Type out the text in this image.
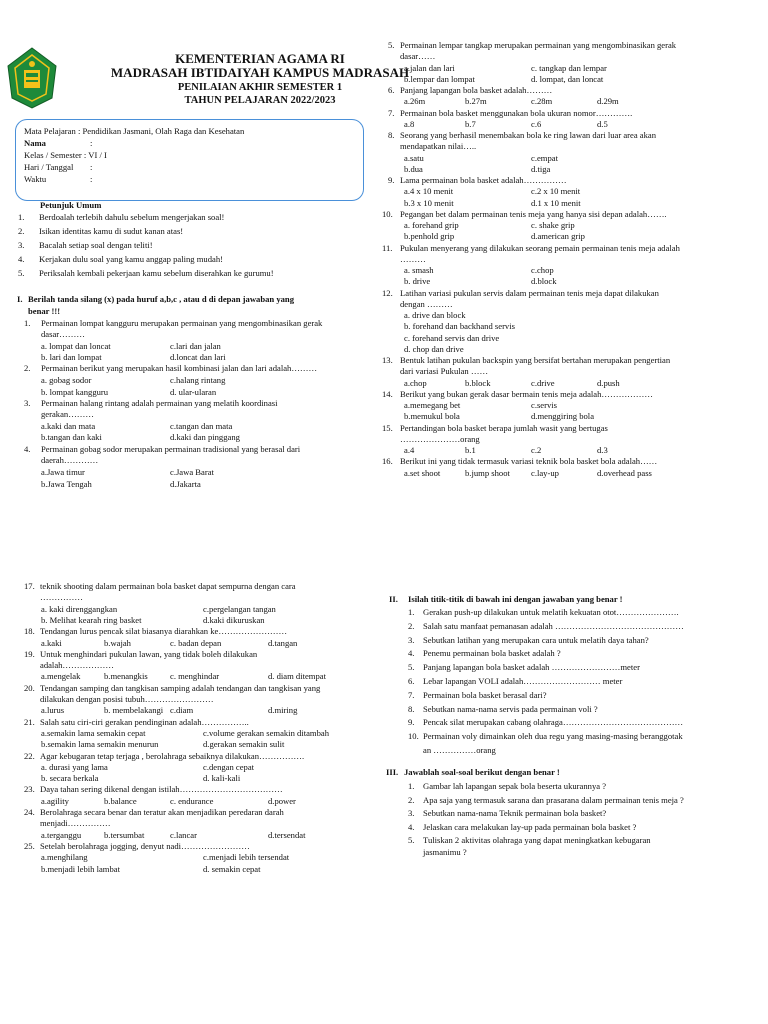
KEMENTERIAN AGAMA RI
MADRASAH IBTIDAIYAH KAMPUS MADRASAH
PENILAIAN AKHIR SEMESTER 1
TAHUN PELAJARAN 2022/2023
Mata Pelajaran : Pendidikan Jasmani, Olah Raga dan Kesehatan
Nama	:
Kelas / Semester : VI / I
Hari / Tanggal :
Waktu	:
Petunjuk Umum
1. Berdoalah terlebih dahulu sebelum mengerjakan soal!
2. Isikan identitas kamu di sudut kanan atas!
3. Bacalah setiap soal dengan teliti!
4. Kerjakan dulu soal yang kamu anggap paling mudah!
5. Periksalah kembali pekerjaan kamu sebelum diserahkan ke gurumu!
I. Berilah tanda silang (x) pada huruf a,b,c , atau d di depan jawaban yang
benar !!!
1. Permainan lompat kangguru merupakan permainan yang mengombinasikan gerak
dasar………
a. lompat dan loncat	c.lari dan jalan
b. lari dan lompat	d.loncat dan lari
2. Permainan berikut yang merupakan hasil kombinasi jalan dan lari adalah………
a. gobag sodor	c.halang rintang
b. lompat kangguru	d. ular-ularan
3. Permainan halang rintang adalah permainan yang melatih koordinasi
gerakan………
a.kaki dan mata	c.tangan dan mata
b.tangan dan kaki	d.kaki dan pinggang
4. Permainan gobag sodor merupakan permainan tradisional yang berasal dari
daerah…………
a.Jawa timur	c.Jawa Barat
b.Jawa Tengah	d.Jakarta
5. Permainan lempar tangkap merupakan permainan yang mengombinasikan gerak
dasar……
a.jalan dan lari	c. tangkap dan lempar
b.lempar dan lompat	d. lompat, dan loncat
6. Panjang lapangan bola basket adalah………
a.26m	b.27m	c.28m	d.29m
7. Permainan bola basket menggunakan bola ukuran nomor………….
a.8	b.7	c.6	d.5
8. Seorang yang berhasil menembakan bola ke ring lawan dari luar area akan
mendapatkan nilai…..
a.satu	c.empat
b.dua	d.tiga
9. Lama permainan bola basket adalah……………
a.4 x 10 menit	c.2 x 10 menit
b.3 x 10 menit	d.1 x 10 menit
10. Pegangan bet dalam permainan tenis meja yang hanya sisi depan adalah…….
a. forehand grip	c. shake grip
b.penhold grip	d.american grip
11. Pukulan menyerang yang dilakukan seorang pemain permainan tenis meja adalah
………
a. smash	c.chop
b. drive	d.block
12. Latihan variasi pukulan servis dalam permainan tenis meja dapat dilakukan
dengan ………
a. drive dan block
b. forehand dan backhand servis
c. forehand servis dan drive
d. chop dan drive
13. Bentuk latihan pukulan backspin yang bersifat bertahan merupakan pengertian
dari variasi Pukulan ……
a.chop	b.block	c.drive	d.push
14. Berikut yang bukan gerak dasar bermain tenis meja adalah………………
a.memegang bet	c.servis
b.memukul bola	d.menggiring bola
15. Pertandingan bola basket berapa jumlah wasit yang bertugas
…………………orang
a.4	b.1	c.2	d.3
16. Berikut ini yang tidak termasuk variasi teknik bola basket bola adalah……
a.set shoot	b.jump shoot c.lay-up	d.overhead pass
17. teknik shooting dalam permainan bola basket dapat sempurna dengan cara
……………
a. kaki direnggangkan	c.pergelangan tangan
b. Melihat kearah ring basket	d.kaki dikuruskan
18. Tendangan lurus pencak silat biasanya diarahkan ke……………………
a.kaki	b.wajah	c. badan depan	d.tangan
19. Untuk menghindari pukulan lawan, yang tidak boleh dilakukan
adalah………………
a.mengelak	b.menangkis	c. menghindar	d. diam ditempat
20. Tendangan samping dan tangkisan samping adalah tendangan dan tangkisan yang
dilakukan dengan posisi tubuh……………………
a.lurus	b. membelakangi c.diam	d.miring
21. Salah satu ciri-ciri gerakan pendinginan adalah……………..
a.semakin lama semakin cepat	c.volume gerakan semakin ditambah
b.semakin lama semakin menurun	d.gerakan semakin sulit
22. Agar kebugaran tetap terjaga , berolahraga sebaiknya dilakukan…………….
a. durasi yang lama	c.dengan cepat
b. secara berkala	d. kali-kali
23. Daya tahan sering dikenal dengan istilah………………………………
a.agility	b.balance	c. endurance	d.power
24. Berolahraga secara benar dan teratur akan menjadikan peredaran darah
menjadi……………
a.terganggu	b.tersumbat	c.lancar	d.tersendat
25. Setelah berolahraga jogging, denyut nadi……………………
a.menghilang	c.menjadi lebih tersendat
b.menjadi lebih lambat	d. semakin cepat
II. Isilah titik-titik di bawah ini dengan jawaban yang benar !
1. Gerakan push-up dilakukan untuk melatih kekuatan otot………………….
2. Salah satu manfaat pemanasan adalah ………………………………………
3. Sebutkan latihan yang merupakan cara untuk melatih daya tahan?
4. Penemu permainan bola basket adalah ?
5. Panjang lapangan bola basket adalah ……………………meter
6. Lebar lapangan VOLI adalah……………………… meter
7. Permainan bola basket berasal dari?
8. Sebutkan nama-nama servis pada permainan voli ?
9. Pencak silat merupakan cabang olahraga……………………………………
10. Permainan voly dimainkan oleh dua regu yang masing-masing beranggotak
an ……………orang
III. Jawablah soal-soal berikut dengan benar !
1. Gambar lah lapangan sepak bola beserta ukurannya ?
2. Apa saja yang termasuk sarana dan prasarana dalam permainan tenis meja ?
3. Sebutkan nama-nama Teknik permainan bola basket?
4. Jelaskan cara melakukan lay-up pada permainan bola basket ?
5. Tuliskan 2 aktivitas olahraga yang dapat meningkatkan kebugaran
jasmanimu ?
